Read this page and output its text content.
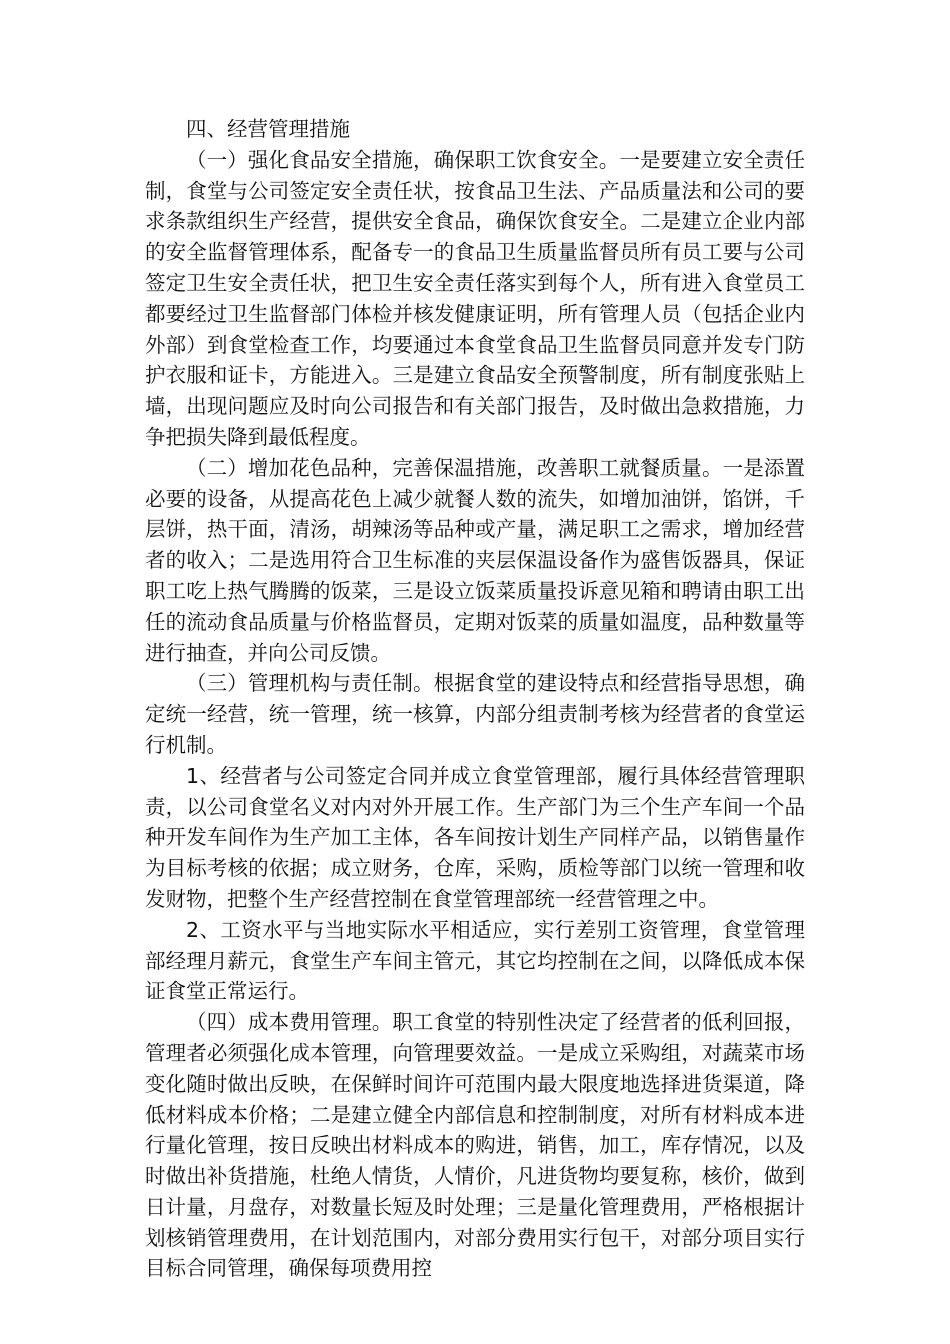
四、经营管理措施

（一）强化食品安全措施，确保职工饮食安全。一是要建立安全责任制，食堂与公司签定安全责任状，按食品卫生法、产品质量法和公司的要求条款组织生产经营，提供安全食品，确保饮食安全。二是建立企业内部的安全监督管理体系，配备专一的食品卫生质量监督员所有员工要与公司签定卫生安全责任状，把卫生安全责任落实到每个人，所有进入食堂员工都要经过卫生监督部门体检并核发健康证明，所有管理人员（包括企业内外部）到食堂检查工作，均要通过本食堂食品卫生监督员同意并发专门防护衣服和证卡，方能进入。三是建立食品安全预警制度，所有制度张贴上墙，出现问题应及时向公司报告和有关部门报告，及时做出急救措施，力争把损失降到最低程度。

（二）增加花色品种，完善保温措施，改善职工就餐质量。一是添置必要的设备，从提高花色上减少就餐人数的流失，如增加油饼，馅饼，千层饼，热干面，清汤，胡辣汤等品种或产量，满足职工之需求，增加经营者的收入；二是选用符合卫生标准的夹层保温设备作为盛售饭器具，保证职工吃上热气腾腾的饭菜，三是设立饭菜质量投诉意见箱和聘请由职工出任的流动食品质量与价格监督员，定期对饭菜的质量如温度，品种数量等进行抽查，并向公司反馈。

（三）管理机构与责任制。根据食堂的建设特点和经营指导思想，确定统一经营，统一管理，统一核算，内部分组责制考核为经营者的食堂运行机制。

1、经营者与公司签定合同并成立食堂管理部，履行具体经营管理职责，以公司食堂名义对内对外开展工作。生产部门为三个生产车间一个品种开发车间作为生产加工主体，各车间按计划生产同样产品，以销售量作为目标考核的依据；成立财务，仓库，采购，质检等部门以统一管理和收发财物，把整个生产经营控制在食堂管理部统一经营管理之中。

2、工资水平与当地实际水平相适应，实行差别工资管理，食堂管理部经理月薪元，食堂生产车间主管元，其它均控制在之间，以降低成本保证食堂正常运行。

（四）成本费用管理。职工食堂的特别性决定了经营者的低利回报，管理者必须强化成本管理，向管理要效益。一是成立采购组，对蔬菜市场变化随时做出反映，在保鲜时间许可范围内最大限度地选择进货渠道，降低材料成本价格；二是建立健全内部信息和控制制度，对所有材料成本进行量化管理，按日反映出材料成本的购进，销售，加工，库存情况，以及时做出补货措施，杜绝人情货，人情价，凡进货物均要复称，核价，做到日计量，月盘存，对数量长短及时处理；三是量化管理费用，严格根据计划核销管理费用，在计划范围内，对部分费用实行包干，对部分项目实行目标合同管理，确保每项费用控
